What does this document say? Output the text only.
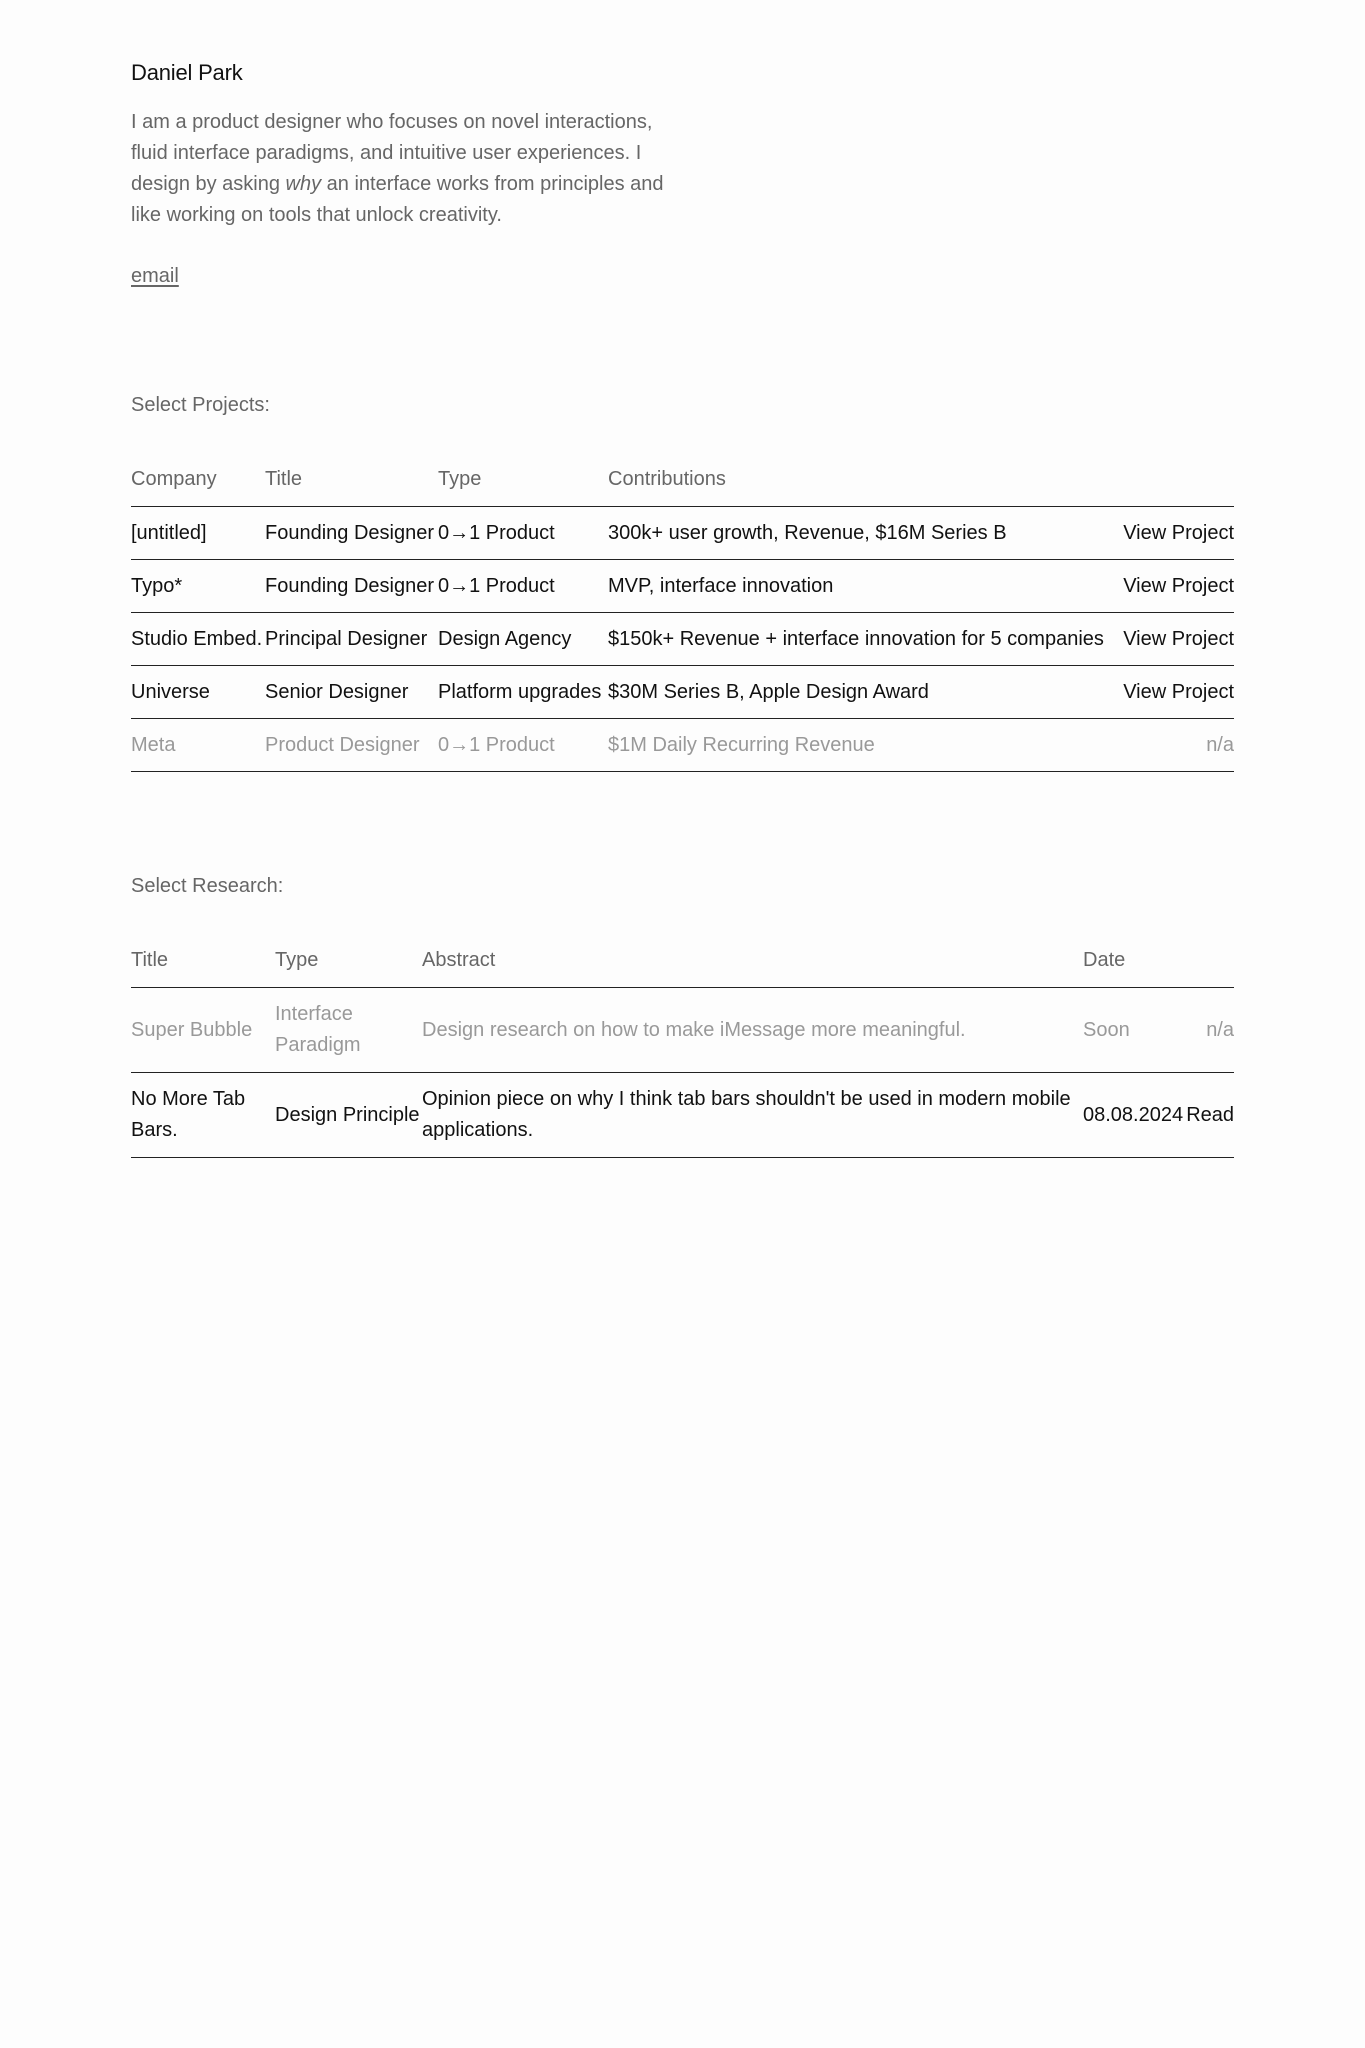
Daniel Park

I am a product designer who focuses on novel interactions, fluid interface paradigms, and intuitive user experiences. I design by asking why an interface works from principles and like working on tools that unlock creativity.

email
Select Projects:
Company	Title	Type	Contributions	
[untitled]	Founding Designer	0→1 Product	300k+ user growth, Revenue, $16M Series B	View Project
Typo*	Founding Designer	0→1 Product	MVP, interface innovation	View Project
Studio Embed.	Principal Designer	Design Agency	$150k+ Revenue + interface innovation for 5 companies	View Project
Universe	Senior Designer	Platform upgrades	$30M Series B, Apple Design Award	View Project
Meta	Product Designer	0→1 Product	$1M Daily Recurring Revenue	n/a
Select Research:
Title	Type	Abstract	Date	
Super Bubble	Interface Paradigm	Design research on how to make iMessage more meaningful.	Soon	n/a
No More Tab Bars.	Design Principle	Opinion piece on why I think tab bars shouldn't be used in modern mobile applications.	08.08.2024	Read
